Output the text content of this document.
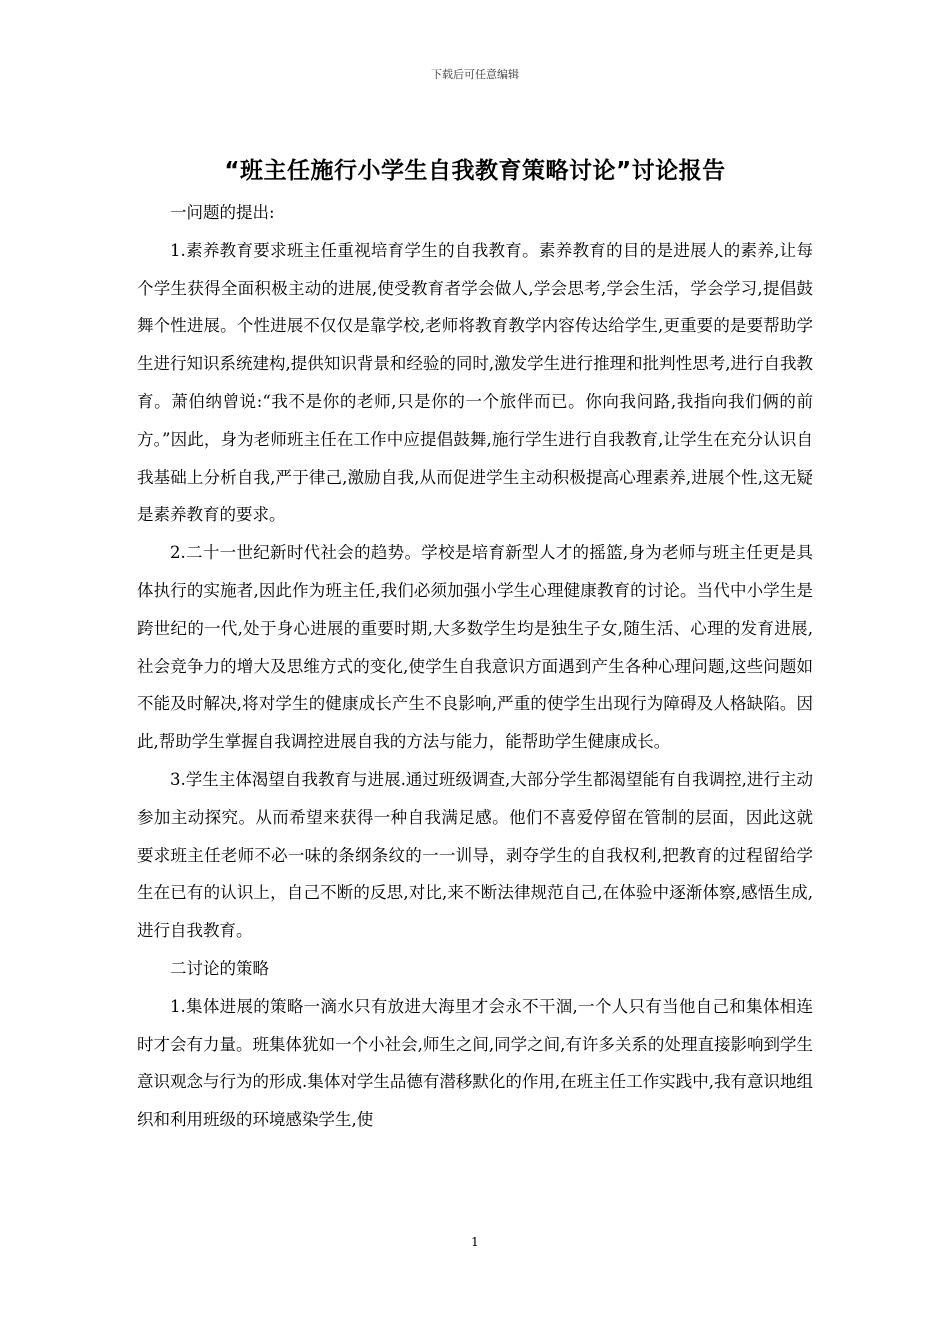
下载后可任意编辑
“班主任施行小学生自我教育策略讨论”讨论报告

一问题的提出:

1.素养教育要求班主任重视培育学生的自我教育。素养教育的目的是进展人的素养,让每个学生获得全面积极主动的进展,使受教育者学会做人,学会思考,学会生活，学会学习,提倡鼓舞个性进展。个性进展不仅仅是靠学校,老师将教育教学内容传达给学生,更重要的是要帮助学生进行知识系统建构,提供知识背景和经验的同时,激发学生进行推理和批判性思考,进行自我教育。萧伯纳曾说:“我不是你的老师,只是你的一个旅伴而已。你向我问路,我指向我们俩的前方。”因此，身为老师班主任在工作中应提倡鼓舞,施行学生进行自我教育,让学生在充分认识自我基础上分析自我,严于律己,激励自我,从而促进学生主动积极提高心理素养,进展个性,这无疑是素养教育的要求。

2.二十一世纪新时代社会的趋势。学校是培育新型人才的摇篮,身为老师与班主任更是具体执行的实施者,因此作为班主任,我们必须加强小学生心理健康教育的讨论。当代中小学生是跨世纪的一代,处于身心进展的重要时期,大多数学生均是独生子女,随生活、心理的发育进展,社会竞争力的增大及思维方式的变化,使学生自我意识方面遇到产生各种心理问题,这些问题如不能及时解决,将对学生的健康成长产生不良影响,严重的使学生出现行为障碍及人格缺陷。因此,帮助学生掌握自我调控进展自我的方法与能力，能帮助学生健康成长。

3.学生主体渴望自我教育与进展.通过班级调查,大部分学生都渴望能有自我调控,进行主动参加主动探究。从而希望来获得一种自我满足感。他们不喜爱停留在管制的层面，因此这就要求班主任老师不必一味的条纲条纹的一一训导，剥夺学生的自我权利,把教育的过程留给学生在已有的认识上，自己不断的反思,对比,来不断法律规范自己,在体验中逐渐体察,感悟生成,进行自我教育。

二讨论的策略

1.集体进展的策略一滴水只有放进大海里才会永不干涸,一个人只有当他自己和集体相连时才会有力量。班集体犹如一个小社会,师生之间,同学之间,有许多关系的处理直接影响到学生意识观念与行为的形成.集体对学生品德有潜移默化的作用,在班主任工作实践中,我有意识地组织和利用班级的环境感染学生,使

1
